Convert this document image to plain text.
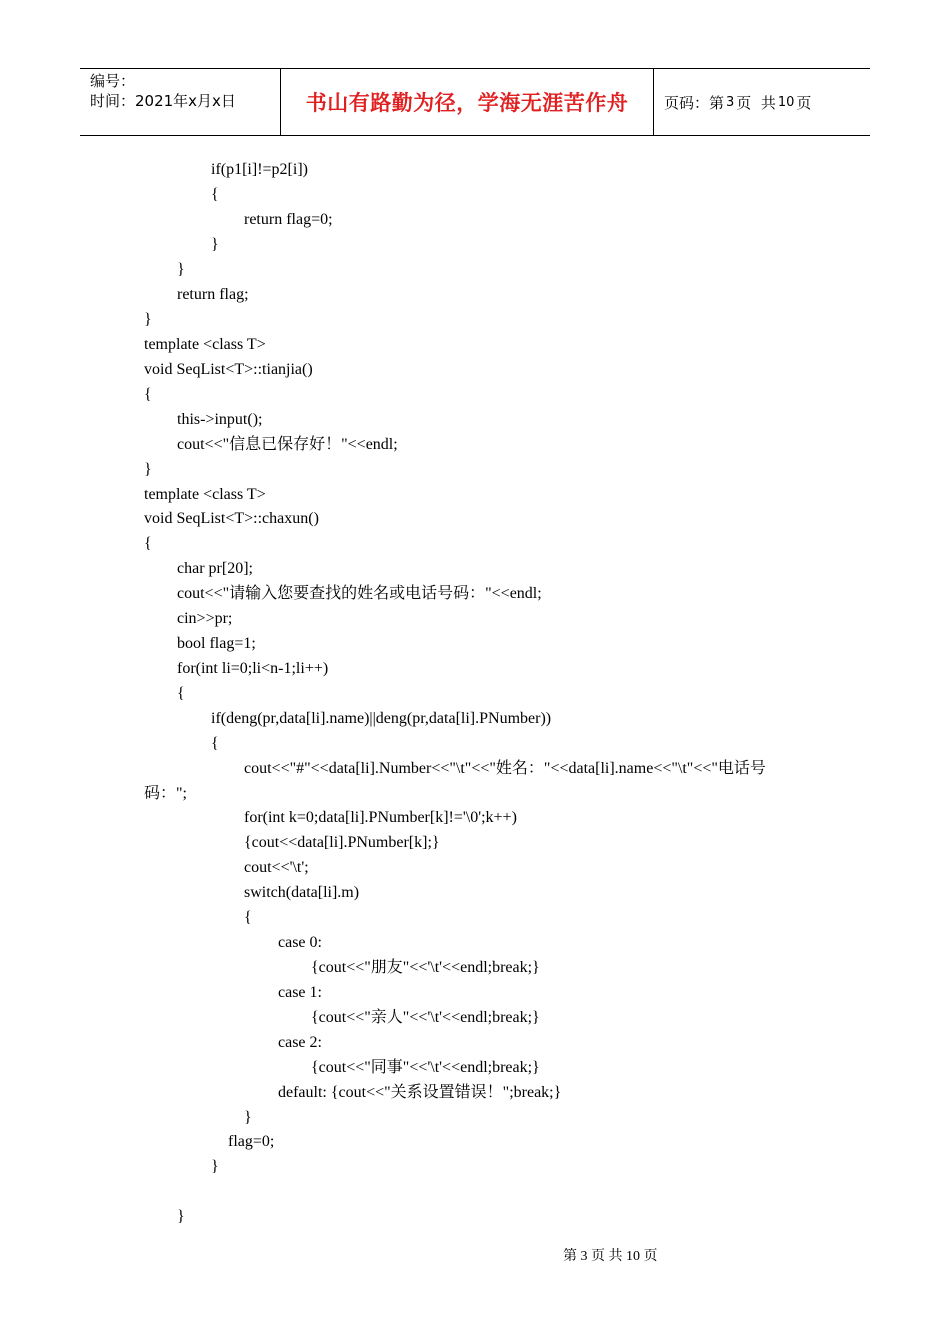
编号：
时间：2021年x月x日	书山有路勤为径，学海无涯苦作舟	页码：第 3 页  共 10 页
if(p1[i]!=p2[i])
{
return flag=0;
}
}
return flag;
}
template <class T>
void SeqList<T>::tianjia()
{
this->input();
cout<<"信息已保存好！"<<endl;
}
template <class T>
void SeqList<T>::chaxun()
{
char pr[20];
cout<<"请输入您要查找的姓名或电话号码："<<endl;
cin>>pr;
bool flag=1;
for(int li=0;li<n-1;li++)
{
if(deng(pr,data[li].name)||deng(pr,data[li].PNumber))
{
cout<<"#"<<data[li].Number<<"\t"<<"姓名："<<data[li].name<<"\t"<<"电话号
码：";
for(int k=0;data[li].PNumber[k]!='\0';k++)
{cout<<data[li].PNumber[k];}
cout<<'\t';
switch(data[li].m)
{
case 0:
{cout<<"朋友"<<'\t'<<endl;break;}
case 1:
{cout<<"亲人"<<'\t'<<endl;break;}
case 2:
{cout<<"同事"<<'\t'<<endl;break;}
default: {cout<<"关系设置错误！";break;}
}
flag=0;
}
}
第 3 页 共 10 页
